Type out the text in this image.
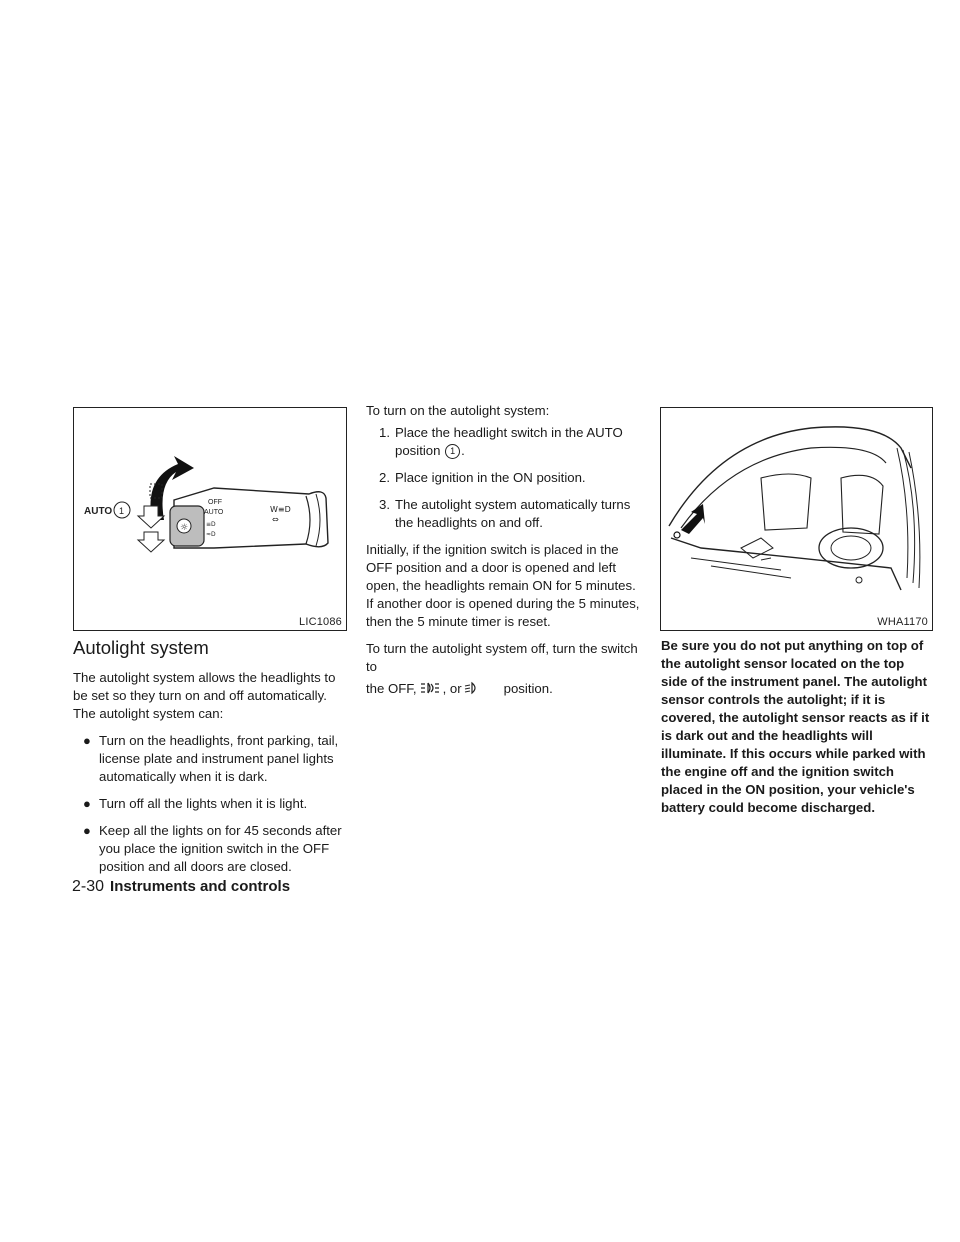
☼
OFF
AUTO
≡D
≈D
W≡D
⇔
AUTO 1
LIC1086
Autolight system

The autolight system allows the headlights to be set so they turn on and off automatically. The autolight system can:

● Turn on the headlights, front parking, tail, license plate and instrument panel lights automatically when it is dark.
● Turn off all the lights when it is light.
● Keep all the lights on for 45 seconds after you place the ignition switch in the OFF position and all doors are closed.

To turn on the autolight system:

1. Place the headlight switch in the AUTO position 1 .
2. Place ignition in the ON position.
3. The autolight system automatically turns the headlights on and off.

Initially, if the ignition switch is placed in the OFF position and a door is opened and left open, the headlights remain ON for 5 minutes. If another door is opened during the 5 minutes, then the 5 minute timer is reset.

To turn the autolight system off, turn the switch to

the OFF, , or	position.

WHA1170

Be sure you do not put anything on top of the autolight sensor located on the top side of the instrument panel. The autolight sensor controls the autolight; if it is covered, the autolight sensor reacts as if it is dark out and the headlights will illuminate. If this occurs while parked with the engine off and the ignition switch placed in the ON position, your vehicle's battery could become discharged.

2-30 Instruments and controls
